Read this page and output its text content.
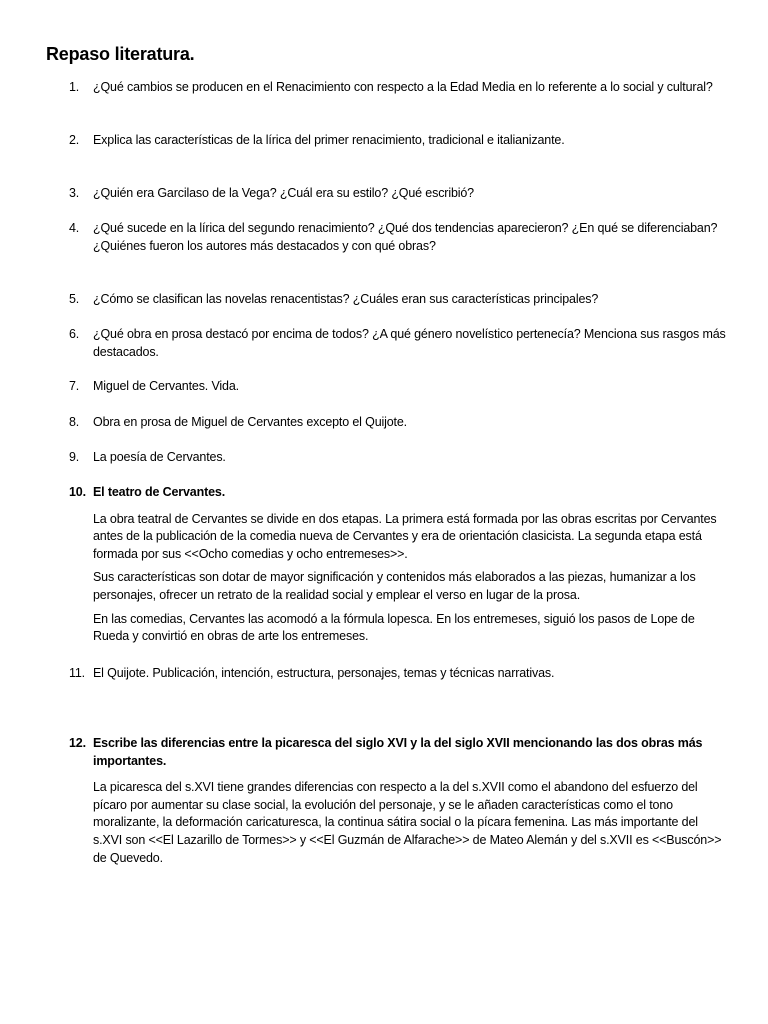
Repaso literatura.
1. ¿Qué cambios se producen en el Renacimiento con respecto a la Edad Media en lo referente a lo social y cultural?
2. Explica las características de la lírica del primer renacimiento, tradicional e italianizante.
3. ¿Quién era Garcilaso de la Vega? ¿Cuál era su estilo? ¿Qué escribió?
4. ¿Qué sucede en la lírica del segundo renacimiento? ¿Qué dos tendencias aparecieron? ¿En qué se diferenciaban? ¿Quiénes fueron los autores más destacados y con qué obras?
5. ¿Cómo se clasifican las novelas renacentistas? ¿Cuáles eran sus características principales?
6. ¿Qué obra en prosa destacó por encima de todos? ¿A qué género novelístico pertenecía? Menciona sus rasgos más destacados.
7. Miguel de Cervantes. Vida.
8. Obra en prosa de Miguel de Cervantes excepto el Quijote.
9. La poesía de Cervantes.
10. El teatro de Cervantes.
La obra teatral de Cervantes se divide en dos etapas. La primera está formada por las obras escritas por Cervantes antes de la publicación de la comedia nueva de Cervantes y era de orientación clasicista. La segunda etapa está formada por sus <<Ocho comedias y ocho entremeses>>.
Sus características son dotar de mayor significación y contenidos más elaborados a las piezas, humanizar a los personajes, ofrecer un retrato de la realidad social y emplear el verso en lugar de la prosa.
En las comedias, Cervantes las acomodó a la fórmula lopesca. En los entremeses, siguió los pasos de Lope de Rueda y convirtió en obras de arte los entremeses.
11. El Quijote. Publicación, intención, estructura, personajes, temas y técnicas narrativas.
12. Escribe las diferencias entre la picaresca del siglo XVI y la del siglo XVII mencionando las dos obras más importantes.
La picaresca del s.XVI tiene grandes diferencias con respecto a la del s.XVII como el abandono del esfuerzo del pícaro por aumentar su clase social, la evolución del personaje, y se le añaden características como el tono moralizante, la deformación caricaturesca, la continua sátira social o la pícara femenina. Las más importante del s.XVI son <<El Lazarillo de Tormes>> y <<El Guzmán de Alfarache>> de Mateo Alemán y del s.XVII es <<Buscón>> de Quevedo.
